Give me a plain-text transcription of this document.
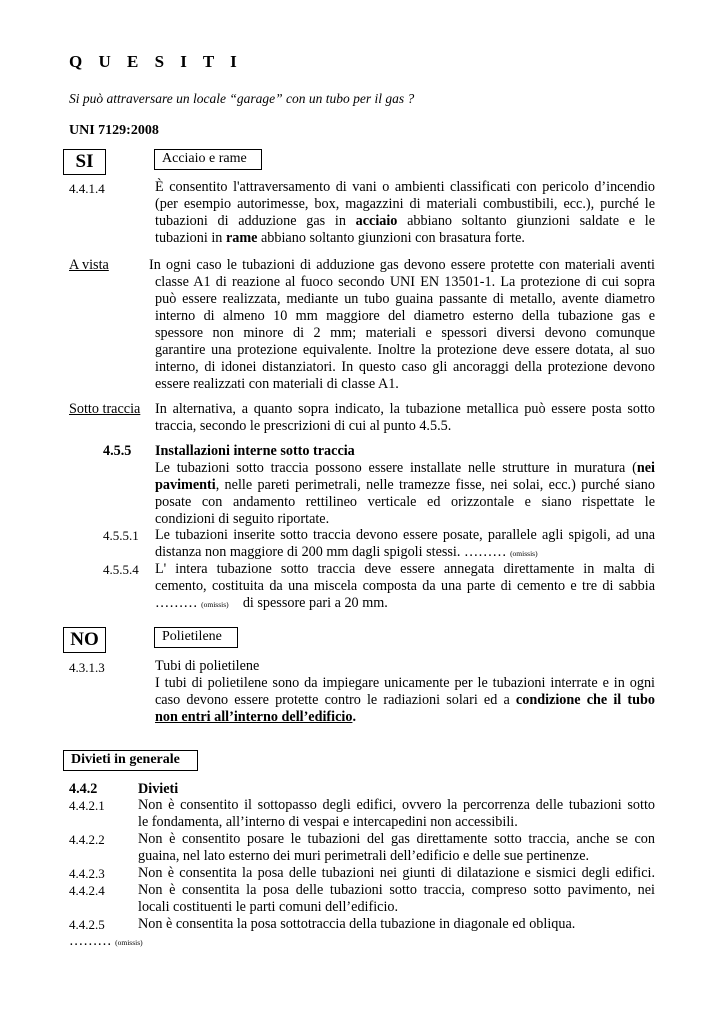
Q U E S I T I
Si può attraversare un locale “garage” con un tubo per il gas ?
UNI 7129:2008
SI	Acciaio e rame
4.4.1.4	È consentito l'attraversamento di vani o ambienti classificati con pericolo d’incendio
(per esempio autorimesse, box, magazzini di materiali combustibili, ecc.), purché le
tubazioni di adduzione gas in acciaio abbiano soltanto giunzioni saldate e le
tubazioni in rame abbiano soltanto giunzioni con brasatura forte.
A vista	In ogni caso le tubazioni di adduzione gas devono essere protette con materiali aventi
classe A1 di reazione al fuoco secondo UNI EN 13501-1. La protezione di cui sopra
può essere realizzata, mediante un tubo guaina passante di metallo, avente diametro
interno di almeno 10 mm maggiore del diametro esterno della tubazione gas e
spessore non minore di 2 mm; materiali e spessori diversi devono comunque
garantire una protezione equivalente. Inoltre la protezione deve essere dotata, al suo
interno, di idonei distanziatori. In questo caso gli ancoraggi della protezione devono
essere realizzati con materiali di classe A1.
Sotto traccia In alternativa, a quanto sopra indicato, la tubazione metallica può essere posta sotto
traccia, secondo le prescrizioni di cui al punto 4.5.5.
4.5.5 Installazioni interne sotto traccia
Le tubazioni sotto traccia possono essere installate nelle strutture in muratura (nei
pavimenti, nelle pareti perimetrali, nelle tramezze fisse, nei solai, ecc.) purché siano
posate con andamento rettilineo verticale ed orizzontale e siano rispettate le
condizioni di seguito riportate.
4.5.5.1 Le tubazioni inserite sotto traccia devono essere posate, parallele agli spigoli, ad una
distanza non maggiore di 200 mm dagli spigoli stessi. ……… (omissis)
4.5.5.4 L' intera tubazione sotto traccia deve essere annegata direttamente in malta di
cemento, costituita da una miscela composta da una parte di cemento e tre di sabbia
……… (omissis) di spessore pari a 20 mm.
NO	Polietilene
4.3.1.3	Tubi di polietilene
I tubi di polietilene sono da impiegare unicamente per le tubazioni interrate e in ogni
caso devono essere protette contro le radiazioni solari ed a condizione che il tubo
non entri all’interno dell’edificio.
Divieti in generale
4.4.2	Divieti
4.4.2.1 Non è consentito il sottopasso degli edifici, ovvero la percorrenza delle tubazioni sotto
le fondamenta, all’interno di vespai e intercapedini non accessibili.
4.4.2.2 Non è consentito posare le tubazioni del gas direttamente sotto traccia, anche se con
guaina, nel lato esterno dei muri perimetrali dell’edificio e delle sue pertinenze.
4.4.2.3 Non è consentita la posa delle tubazioni nei giunti di dilatazione e sismici degli edifici.
4.4.2.4 Non è consentita la posa delle tubazioni sotto traccia, compreso sotto pavimento, nei
locali costituenti le parti comuni dell’edificio.
4.4.2.5 Non è consentita la posa sottotraccia della tubazione in diagonale ed obliqua.
……… (omissis)
